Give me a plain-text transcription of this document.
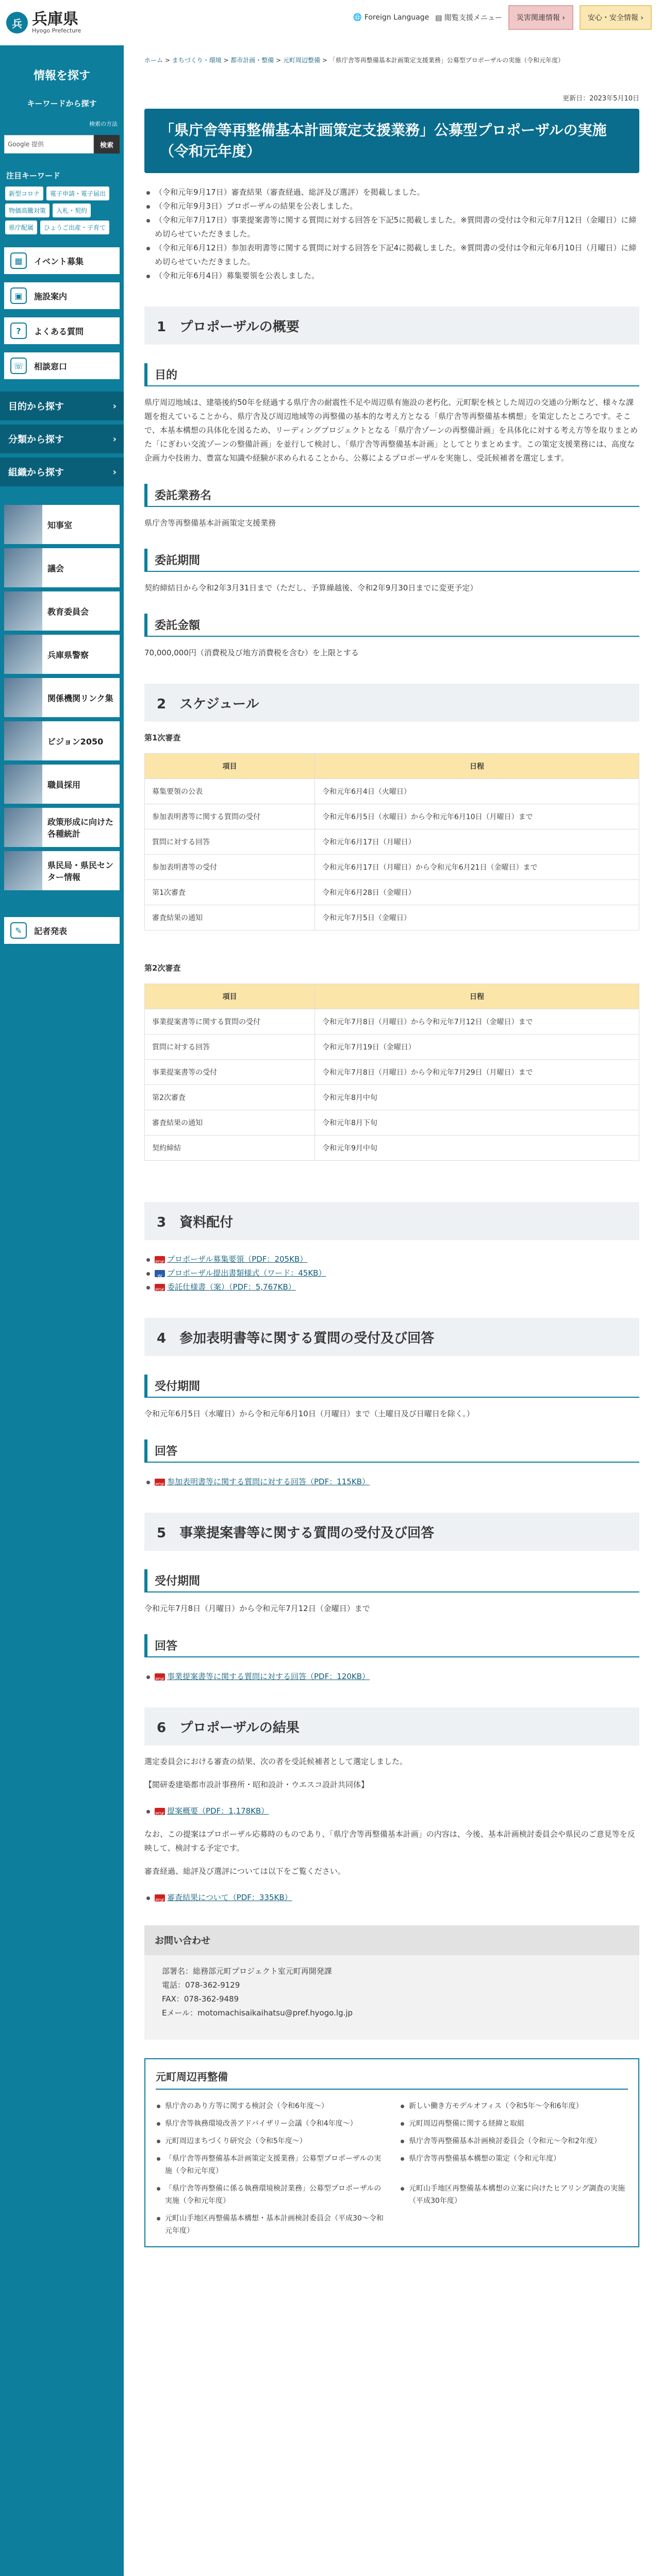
兵 兵庫県
Hyogo Prefecture
情報を探す
キーワードから探す
検索の方法
Google 提供	検索
注目キーワード
新型コロナ	電子申請・電子届出
物価高騰対策	入札・契約
県庁配属	ひょうご出産・子育て
▦	イベント募集
▣	施設案内
?	よくある質問
☏	相談窓口
目的から探す	›
分類から探す	›
組織から探す	›
知事室
議会
教育委員会
兵庫県警察
関係機関リンク集
ビジョン2050
職員採用
政策形成に向けた各種統計
県民局・県民センター情報
✎	記者発表
🌐 Foreign Language ▤ 閲覧支援メニュー	災害関連情報 ›	安心・安全情報 ›
ホーム > まちづくり・環境 > 都市計画・整備 > 元町周辺整備 > 「県庁舎等再整備基本計画策定支援業務」公募型プロポーザルの実施（令和元年度）
更新日：2023年5月10日
「県庁舎等再整備基本計画策定支援業務」公募型プロポーザルの実施（令和元年度）
（令和元年9月17日）審査結果（審査経過、総評及び選評）を掲載しました。
（令和元年9月3日）プロポーザルの結果を公表しました。
（令和元年7月17日）事業提案書等に関する質問に対する回答を下記5に掲載しました。※質問書の受付は令和元年7月12日（金曜日）に締め切らせていただきました。
（令和元年6月12日）参加表明書等に関する質問に対する回答を下記4に掲載しました。※質問書の受付は令和元年6月10日（月曜日）に締め切らせていただきました。
（令和元年6月4日）募集要領を公表しました。
1　プロポーザルの概要
目的

県庁周辺地域は、建築後約50年を経過する県庁舎の耐震性不足や周辺県有施設の老朽化、元町駅を核とした周辺の交通の分断など、様々な課題を抱えていることから、県庁舎及び周辺地域等の再整備の基本的な考え方となる「県庁舎等再整備基本構想」を策定したところです。そこで、本基本構想の具体化を図るため、リーディングプロジェクトとなる「県庁舎ゾーンの再整備計画」を具体化に対する考え方等を取りまとめた「にぎわい交流ゾーンの整備計画」を並行して検討し、「県庁舎等再整備基本計画」としてとりまとめます。この策定支援業務には、高度な企画力や技術力、豊富な知識や経験が求められることから、公募によるプロポーザルを実施し、受託候補者を選定します。

委託業務名

県庁舎等再整備基本計画策定支援業務

委託期間

契約締結日から令和2年3月31日まで（ただし、予算繰越後、令和2年9月30日までに変更予定）

委託金額

70,000,000円（消費税及び地方消費税を含む）を上限とする

2　スケジュール

第1次審査

項目	日程
募集要領の公表	令和元年6月4日（火曜日）
参加表明書等に関する質問の受付	令和元年6月5日（水曜日）から令和元年6月10日（月曜日）まで
質問に対する回答	令和元年6月17日（月曜日）
参加表明書等の受付	令和元年6月17日（月曜日）から令和元年6月21日（金曜日）まで
第1次審査	令和元年6月28日（金曜日）
審査結果の通知	令和元年7月5日（金曜日）

第2次審査

項目	日程
事業提案書等に関する質問の受付	令和元年7月8日（月曜日）から令和元年7月12日（金曜日）まで
質問に対する回答	令和元年7月19日（金曜日）
事業提案書等の受付	令和元年7月8日（月曜日）から令和元年7月29日（月曜日）まで
第2次審査	令和元年8月中旬
審査結果の通知	令和元年8月下旬
契約締結	令和元年9月中旬
3　資料配付
PDF プロポーザル募集要領（PDF：205KB）
W プロポーザル提出書類様式（ワード：45KB）
PDF 委託仕様書（案）（PDF：5,767KB）
4　参加表明書等に関する質問の受付及び回答
受付期間

令和元年6月5日（水曜日）から令和元年6月10日（月曜日）まで（土曜日及び日曜日を除く。）

回答
PDF 参加表明書等に関する質問に対する回答（PDF：115KB）
5　事業提案書等に関する質問の受付及び回答
受付期間

令和元年7月8日（月曜日）から令和元年7月12日（金曜日）まで

回答
PDF 事業提案書等に関する質問に対する回答（PDF：120KB）
6　プロポーザルの結果

選定委員会における審査の結果、次の者を受託候補者として選定しました。

【閲研委建築都市設計事務所・昭和設計・ウエスコ設計共同体】

PDF 提案概要（PDF：1,178KB）

なお、この提案はプロポーザル応募時のものであり、「県庁舎等再整備基本計画」の内容は、今後、基本計画検討委員会や県民のご意見等を反映して、検討する予定です。

審査経過、総評及び選評については以下をご覧ください。

PDF 審査結果について（PDF：335KB）
お問い合わせ
部署名：総務部元町プロジェクト室元町再開発課
電話：078-362-9129
FAX：078-362-9489
Eメール：motomachisaikaihatsu@pref.hyogo.lg.jp
元町周辺再整備
県庁舎のあり方等に関する検討会（令和6年度〜）	新しい働き方モデルオフィス（令和5年〜令和6年度）
県庁舎等執務環境改善アドバイザリー会議（令和4年度〜）	元町周辺再整備に関する経緯と取組
元町周辺まちづくり研究会（令和5年度〜）	県庁舎等再整備基本計画検討委員会（令和元〜令和2年度）
「県庁舎等再整備基本計画策定支援業務」公募型プロポーザルの実施（令和元年度）
県庁舎等再整備基本構想の策定（令和元年度）
「県庁舎等再整備に係る執務環境検討業務」公募型プロポーザルの実施（令和元年度）
元町山手地区再整備基本構想の立案に向けたヒアリング調査の実施（平成30年度）
元町山手地区再整備基本構想・基本計画検討委員会（平成30〜令和元年度）
